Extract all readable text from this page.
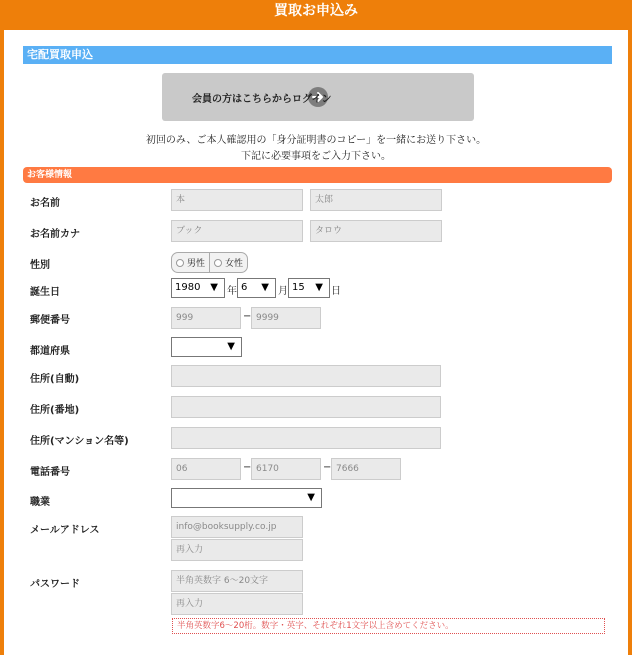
買取お申込み
宅配買取申込
会員の方はこちらからログイン
初回のみ、ご本人確認用の「身分証明書のコピー」を一緒にお送り下さい。
下記に必要事項をご入力下さい。
お客様情報
お名前	本	太郎
お名前カナ	ブック	タロウ
性別	男性 女性
誕生日	1980 ▼ 年 6 ▼ 月 15 ▼ 日
郵便番号	999	− 9999
都道府県	▼
住所(自動)
住所(番地)
住所(マンション名等)
電話番号	06	− 6170	− 7666
職業	▼
メールアドレス	info@booksupply.co.jp
再入力
パスワード	半角英数字 6〜20文字
再入力
半角英数字6〜20桁。数字・英字、それぞれ1文字以上含めてください。
